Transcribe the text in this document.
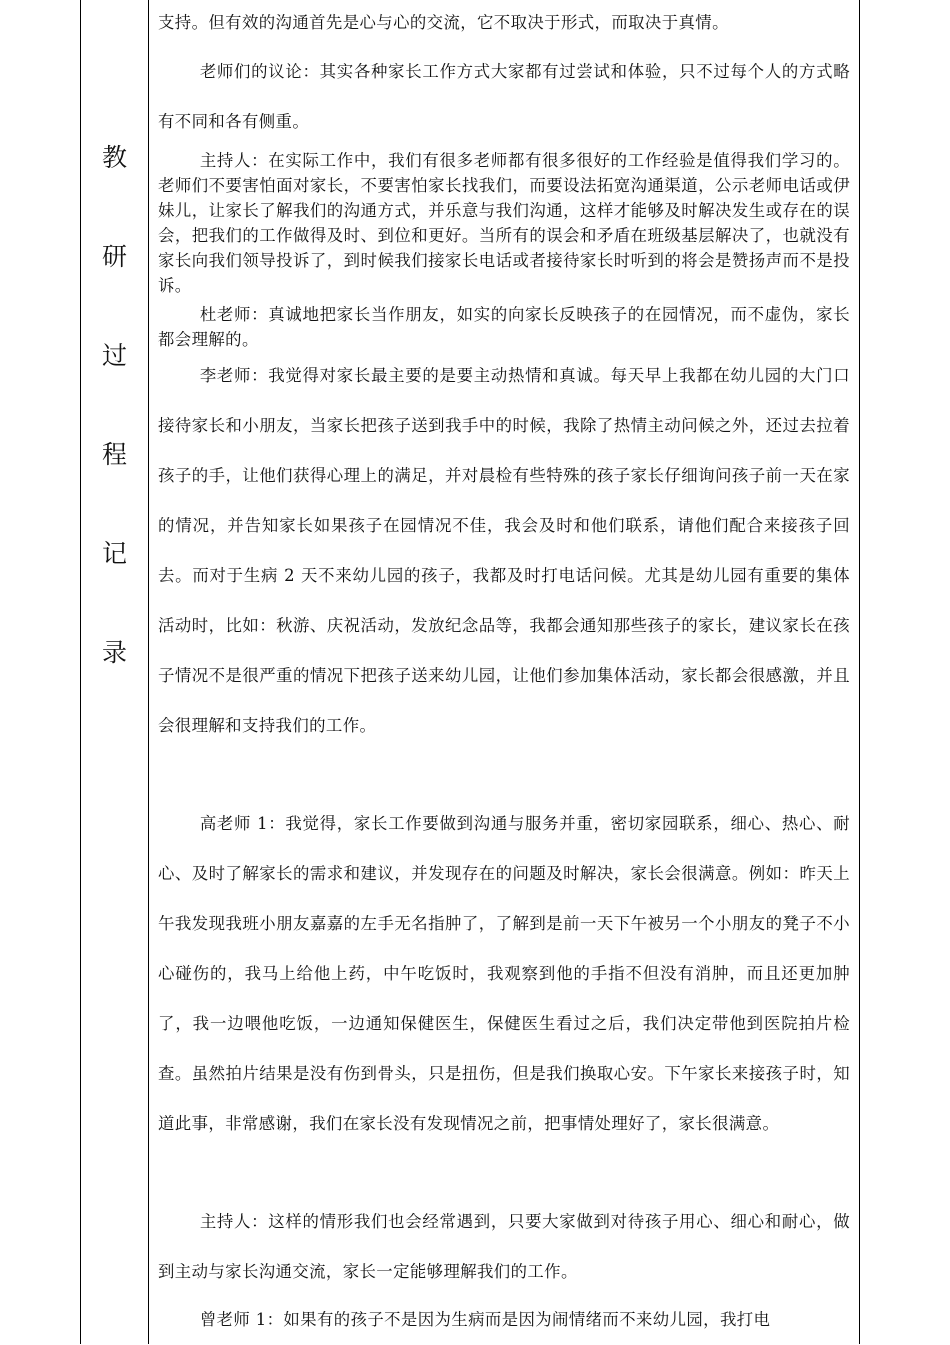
教
研
过
程
记
录

支持。但有效的沟通首先是心与心的交流，它不取决于形式，而取决于真情。

老师们的议论：其实各种家长工作方式大家都有过尝试和体验，只不过每个人的方式略有不同和各有侧重。

主持人：在实际工作中，我们有很多老师都有很多很好的工作经验是值得我们学习的。老师们不要害怕面对家长，不要害怕家长找我们，而要设法拓宽沟通渠道，公示老师电话或伊妹儿，让家长了解我们的沟通方式，并乐意与我们沟通，这样才能够及时解决发生或存在的误会，把我们的工作做得及时、到位和更好。当所有的误会和矛盾在班级基层解决了，也就没有家长向我们领导投诉了，到时候我们接家长电话或者接待家长时听到的将会是赞扬声而不是投诉。

杜老师：真诚地把家长当作朋友，如实的向家长反映孩子的在园情况，而不虚伪，家长都会理解的。

李老师：我觉得对家长最主要的是要主动热情和真诚。每天早上我都在幼儿园的大门口接待家长和小朋友，当家长把孩子送到我手中的时候，我除了热情主动问候之外，还过去拉着孩子的手，让他们获得心理上的满足，并对晨检有些特殊的孩子家长仔细询问孩子前一天在家的情况，并告知家长如果孩子在园情况不佳，我会及时和他们联系，请他们配合来接孩子回去。而对于生病 2 天不来幼儿园的孩子，我都及时打电话问候。尤其是幼儿园有重要的集体活动时，比如：秋游、庆祝活动，发放纪念品等，我都会通知那些孩子的家长，建议家长在孩子情况不是很严重的情况下把孩子送来幼儿园，让他们参加集体活动，家长都会很感激，并且会很理解和支持我们的工作。

高老师 1：我觉得，家长工作要做到沟通与服务并重，密切家园联系，细心、热心、耐心、及时了解家长的需求和建议，并发现存在的问题及时解决，家长会很满意。例如：昨天上午我发现我班小朋友嘉嘉的左手无名指肿了，了解到是前一天下午被另一个小朋友的凳子不小心碰伤的，我马上给他上药，中午吃饭时，我观察到他的手指不但没有消肿，而且还更加肿了，我一边喂他吃饭，一边通知保健医生，保健医生看过之后，我们决定带他到医院拍片检查。虽然拍片结果是没有伤到骨头，只是扭伤，但是我们换取心安。下午家长来接孩子时，知道此事，非常感谢，我们在家长没有发现情况之前，把事情处理好了，家长很满意。

主持人：这样的情形我们也会经常遇到，只要大家做到对待孩子用心、细心和耐心，做到主动与家长沟通交流，家长一定能够理解我们的工作。

曾老师 1：如果有的孩子不是因为生病而是因为闹情绪而不来幼儿园，我打电
